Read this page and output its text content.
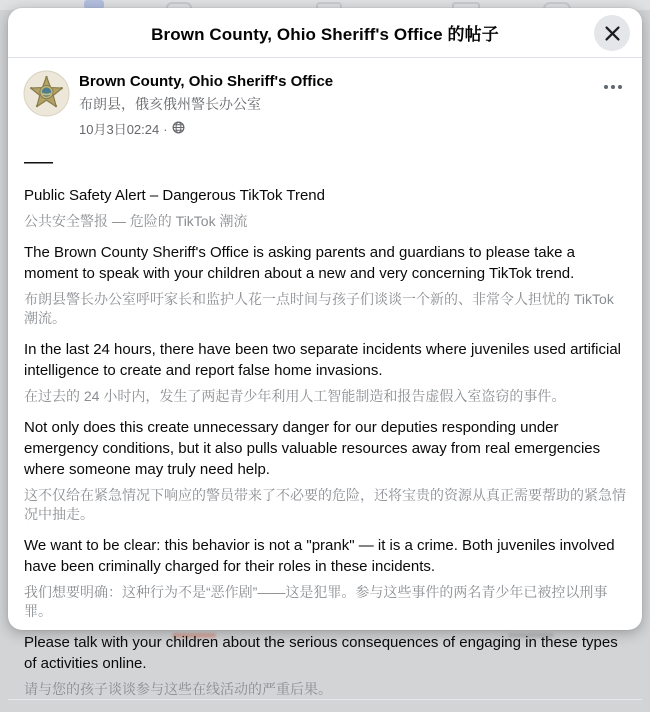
Brown County, Ohio Sheriff's Office 的帖子
Brown County, Ohio Sheriff's Office
布朗县，俄亥俄州警长办公室
10月3日02:24 ·

——

Public Safety Alert – Dangerous TikTok Trend

公共安全警报 — 危险的 TikTok 潮流

The Brown County Sheriff's Office is asking parents and guardians to please take a moment to speak with your children about a new and very concerning TikTok trend.

布朗县警长办公室呼吁家长和监护人花一点时间与孩子们谈谈一个新的、非常令人担忧的 TikTok 潮流。

In the last 24 hours, there have been two separate incidents where juveniles used artificial intelligence to create and report false home invasions.

在过去的 24 小时内，发生了两起青少年利用人工智能制造和报告虚假入室盗窃的事件。

Not only does this create unnecessary danger for our deputies responding under emergency conditions, but it also pulls valuable resources away from real emergencies where someone may truly need help.

这不仅给在紧急情况下响应的警员带来了不必要的危险，还将宝贵的资源从真正需要帮助的紧急情况中抽走。

We want to be clear: this behavior is not a "prank" — it is a crime. Both juveniles involved have been criminally charged for their roles in these incidents.

我们想要明确：这种行为不是“恶作剧”——这是犯罪。参与这些事件的两名青少年已被控以刑事罪。

Please talk with your children about the serious consequences of engaging in these types of activities online.

请与您的孩子谈谈参与这些在线活动的严重后果。
